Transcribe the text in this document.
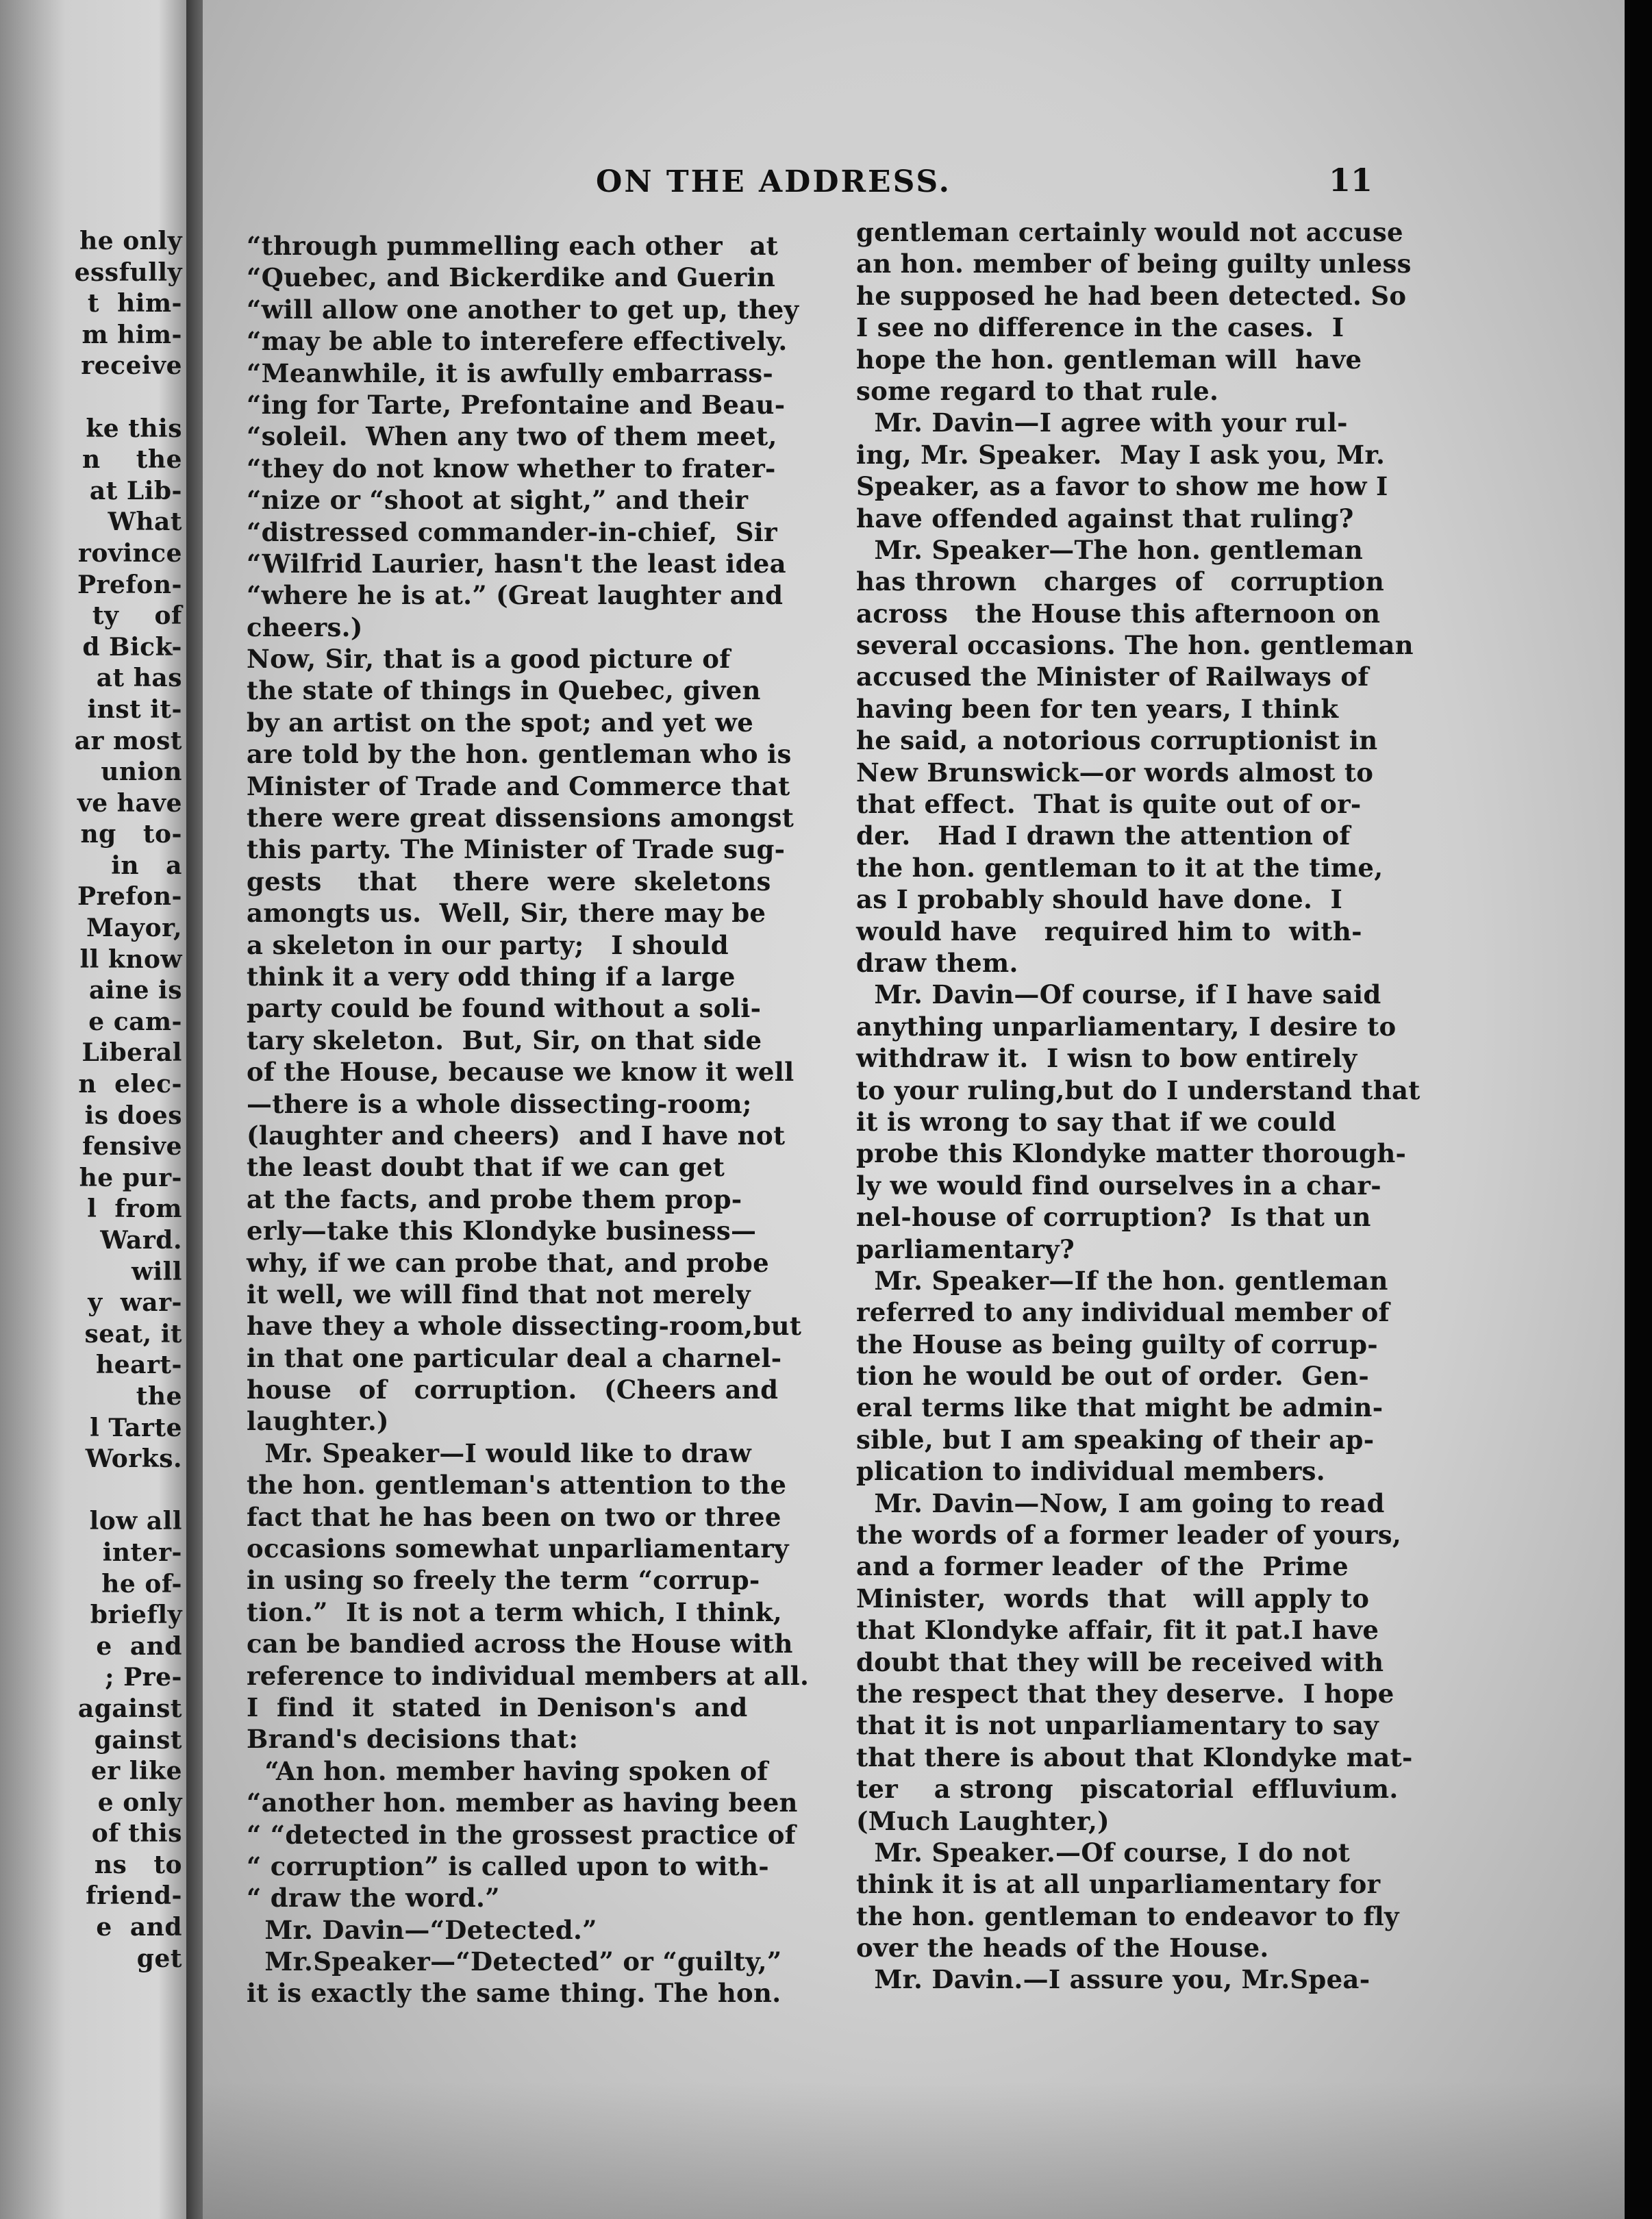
he only
essfully
t  him-
m him-
receive
ke this
n    the
at Lib-
What
rovince
Prefon-
ty    of
d Bick-
at has
inst it-
ar most
union
ve have
ng   to-
in   a
Prefon-
Mayor,
ll know
aine is
e cam-
Liberal
n  elec-
is does
fensive
he pur-
l  from
Ward.
will
y  war-
seat, it
heart-
the
l Tarte
Works.
low all
inter-
he of-
briefly
e  and
; Pre-
against
gainst
er like
e only
of this
ns   to
friend-
e  and
get
ON THE ADDRESS.	11
“through pummelling each other   at
“Quebec, and Bickerdike and Guerin
“will allow one another to get up, they
“may be able to interefere effectively.
“Meanwhile, it is awfully embarrass-
“ing for Tarte, Prefontaine and Beau-
“soleil.  When any two of them meet,
“they do not know whether to frater-
“nize or “shoot at sight,” and their
“distressed commander-in-chief,  Sir
“Wilfrid Laurier, hasn't the least idea
“where he is at.” (Great laughter and
cheers.)
Now, Sir, that is a good picture of
the state of things in Quebec, given
by an artist on the spot; and yet we
are told by the hon. gentleman who is
Minister of Trade and Commerce that
there were great dissensions amongst
this party. The Minister of Trade sug-
gests    that    there  were  skeletons
amongts us.  Well, Sir, there may be
a skeleton in our party;   I should
think it a very odd thing if a large
party could be found without a soli-
tary skeleton.  But, Sir, on that side
of the House, because we know it well
—there is a whole dissecting-room;
(laughter and cheers)  and I have not
the least doubt that if we can get
at the facts, and probe them prop-
erly—take this Klondyke business—
why, if we can probe that, and probe
it well, we will find that not merely
have they a whole dissecting-room,but
in that one particular deal a charnel-
house   of   corruption.   (Cheers and
laughter.)
Mr. Speaker—I would like to draw
the hon. gentleman's attention to the
fact that he has been on two or three
occasions somewhat unparliamentary
in using so freely the term “corrup-
tion.”  It is not a term which, I think,
can be bandied across the House with
reference to individual members at all.
I  find  it  stated  in Denison's  and
Brand's decisions that:
“An hon. member having spoken of
“another hon. member as having been
“ “detected in the grossest practice of
“ corruption” is called upon to with-
“ draw the word.”
Mr. Davin—“Detected.”
Mr.Speaker—“Detected” or “guilty,”
it is exactly the same thing. The hon.
gentleman certainly would not accuse
an hon. member of being guilty unless
he supposed he had been detected. So
I see no difference in the cases.  I
hope the hon. gentleman will  have
some regard to that rule.
Mr. Davin—I agree with your rul-
ing, Mr. Speaker.  May I ask you, Mr.
Speaker, as a favor to show me how I
have offended against that ruling?
Mr. Speaker—The hon. gentleman
has thrown   charges  of   corruption
across   the House this afternoon on
several occasions. The hon. gentleman
accused the Minister of Railways of
having been for ten years, I think
he said, a notorious corruptionist in
New Brunswick—or words almost to
that effect.  That is quite out of or-
der.   Had I drawn the attention of
the hon. gentleman to it at the time,
as I probably should have done.  I
would have   required him to  with-
draw them.
Mr. Davin—Of course, if I have said
anything unparliamentary, I desire to
withdraw it.  I wisn to bow entirely
to your ruling,but do I understand that
it is wrong to say that if we could
probe this Klondyke matter thorough-
ly we would find ourselves in a char-
nel-house of corruption?  Is that un
parliamentary?
Mr. Speaker—If the hon. gentleman
referred to any individual member of
the House as being guilty of corrup-
tion he would be out of order.  Gen-
eral terms like that might be admin-
sible, but I am speaking of their ap-
plication to individual members.
Mr. Davin—Now, I am going to read
the words of a former leader of yours,
and a former leader  of the  Prime
Minister,  words  that   will apply to
that Klondyke affair, fit it pat.I have
doubt that they will be received with
the respect that they deserve.  I hope
that it is not unparliamentary to say
that there is about that Klondyke mat-
ter    a strong   piscatorial  effluvium.
(Much Laughter,)
Mr. Speaker.—Of course, I do not
think it is at all unparliamentary for
the hon. gentleman to endeavor to fly
over the heads of the House.
Mr. Davin.—I assure you, Mr.Spea-
